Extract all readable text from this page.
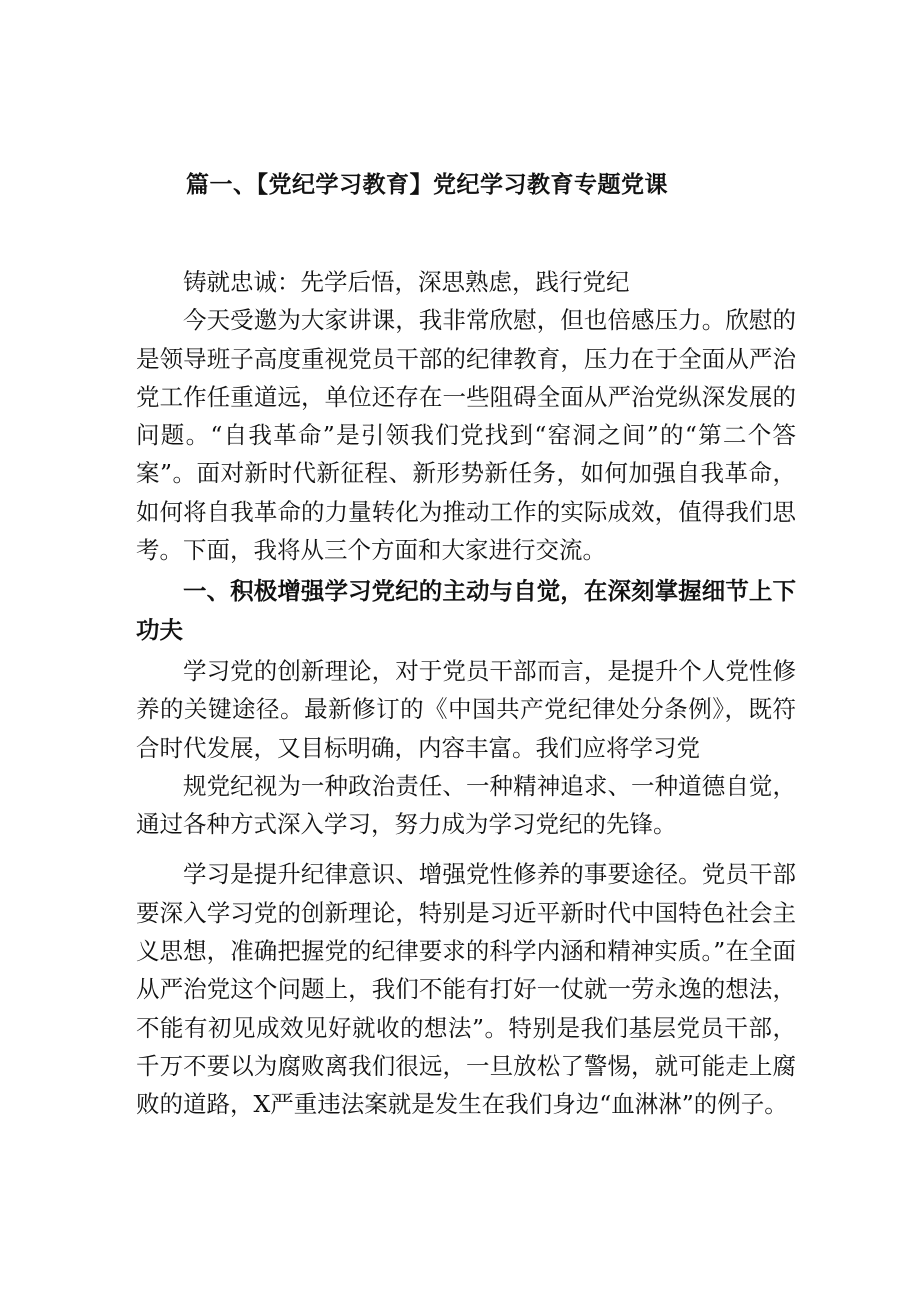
篇一、【党纪学习教育】党纪学习教育专题党课

铸就忠诚：先学后悟，深思熟虑，践行党纪

今天受邀为大家讲课，我非常欣慰，但也倍感压力。欣慰的是领导班子高度重视党员干部的纪律教育，压力在于全面从严治党工作任重道远，单位还存在一些阻碍全面从严治党纵深发展的问题。“自我革命”是引领我们党找到“窑洞之间”的“第二个答案”。面对新时代新征程、新形势新任务，如何加强自我革命，如何将自我革命的力量转化为推动工作的实际成效，值得我们思考。下面，我将从三个方面和大家进行交流。

一、积极增强学习党纪的主动与自觉，在深刻掌握细节上下功夫

学习党的创新理论，对于党员干部而言，是提升个人党性修养的关键途径。最新修订的《中国共产党纪律处分条例》，既符合时代发展，又目标明确，内容丰富。我们应将学习党

规党纪视为一种政治责任、一种精神追求、一种道德自觉，通过各种方式深入学习，努力成为学习党纪的先锋。

学习是提升纪律意识、增强党性修养的事要途径。党员干部要深入学习党的创新理论，特别是习近平新时代中国特色社会主义思想，准确把握党的纪律要求的科学内涵和精神实质。”在全面从严治党这个问题上，我们不能有打好一仗就一劳永逸的想法，不能有初见成效见好就收的想法”。特别是我们基层党员干部，千万不要以为腐败离我们很远，一旦放松了警惕，就可能走上腐败的道路，X严重违法案就是发生在我们身边“血淋淋”的例子。
